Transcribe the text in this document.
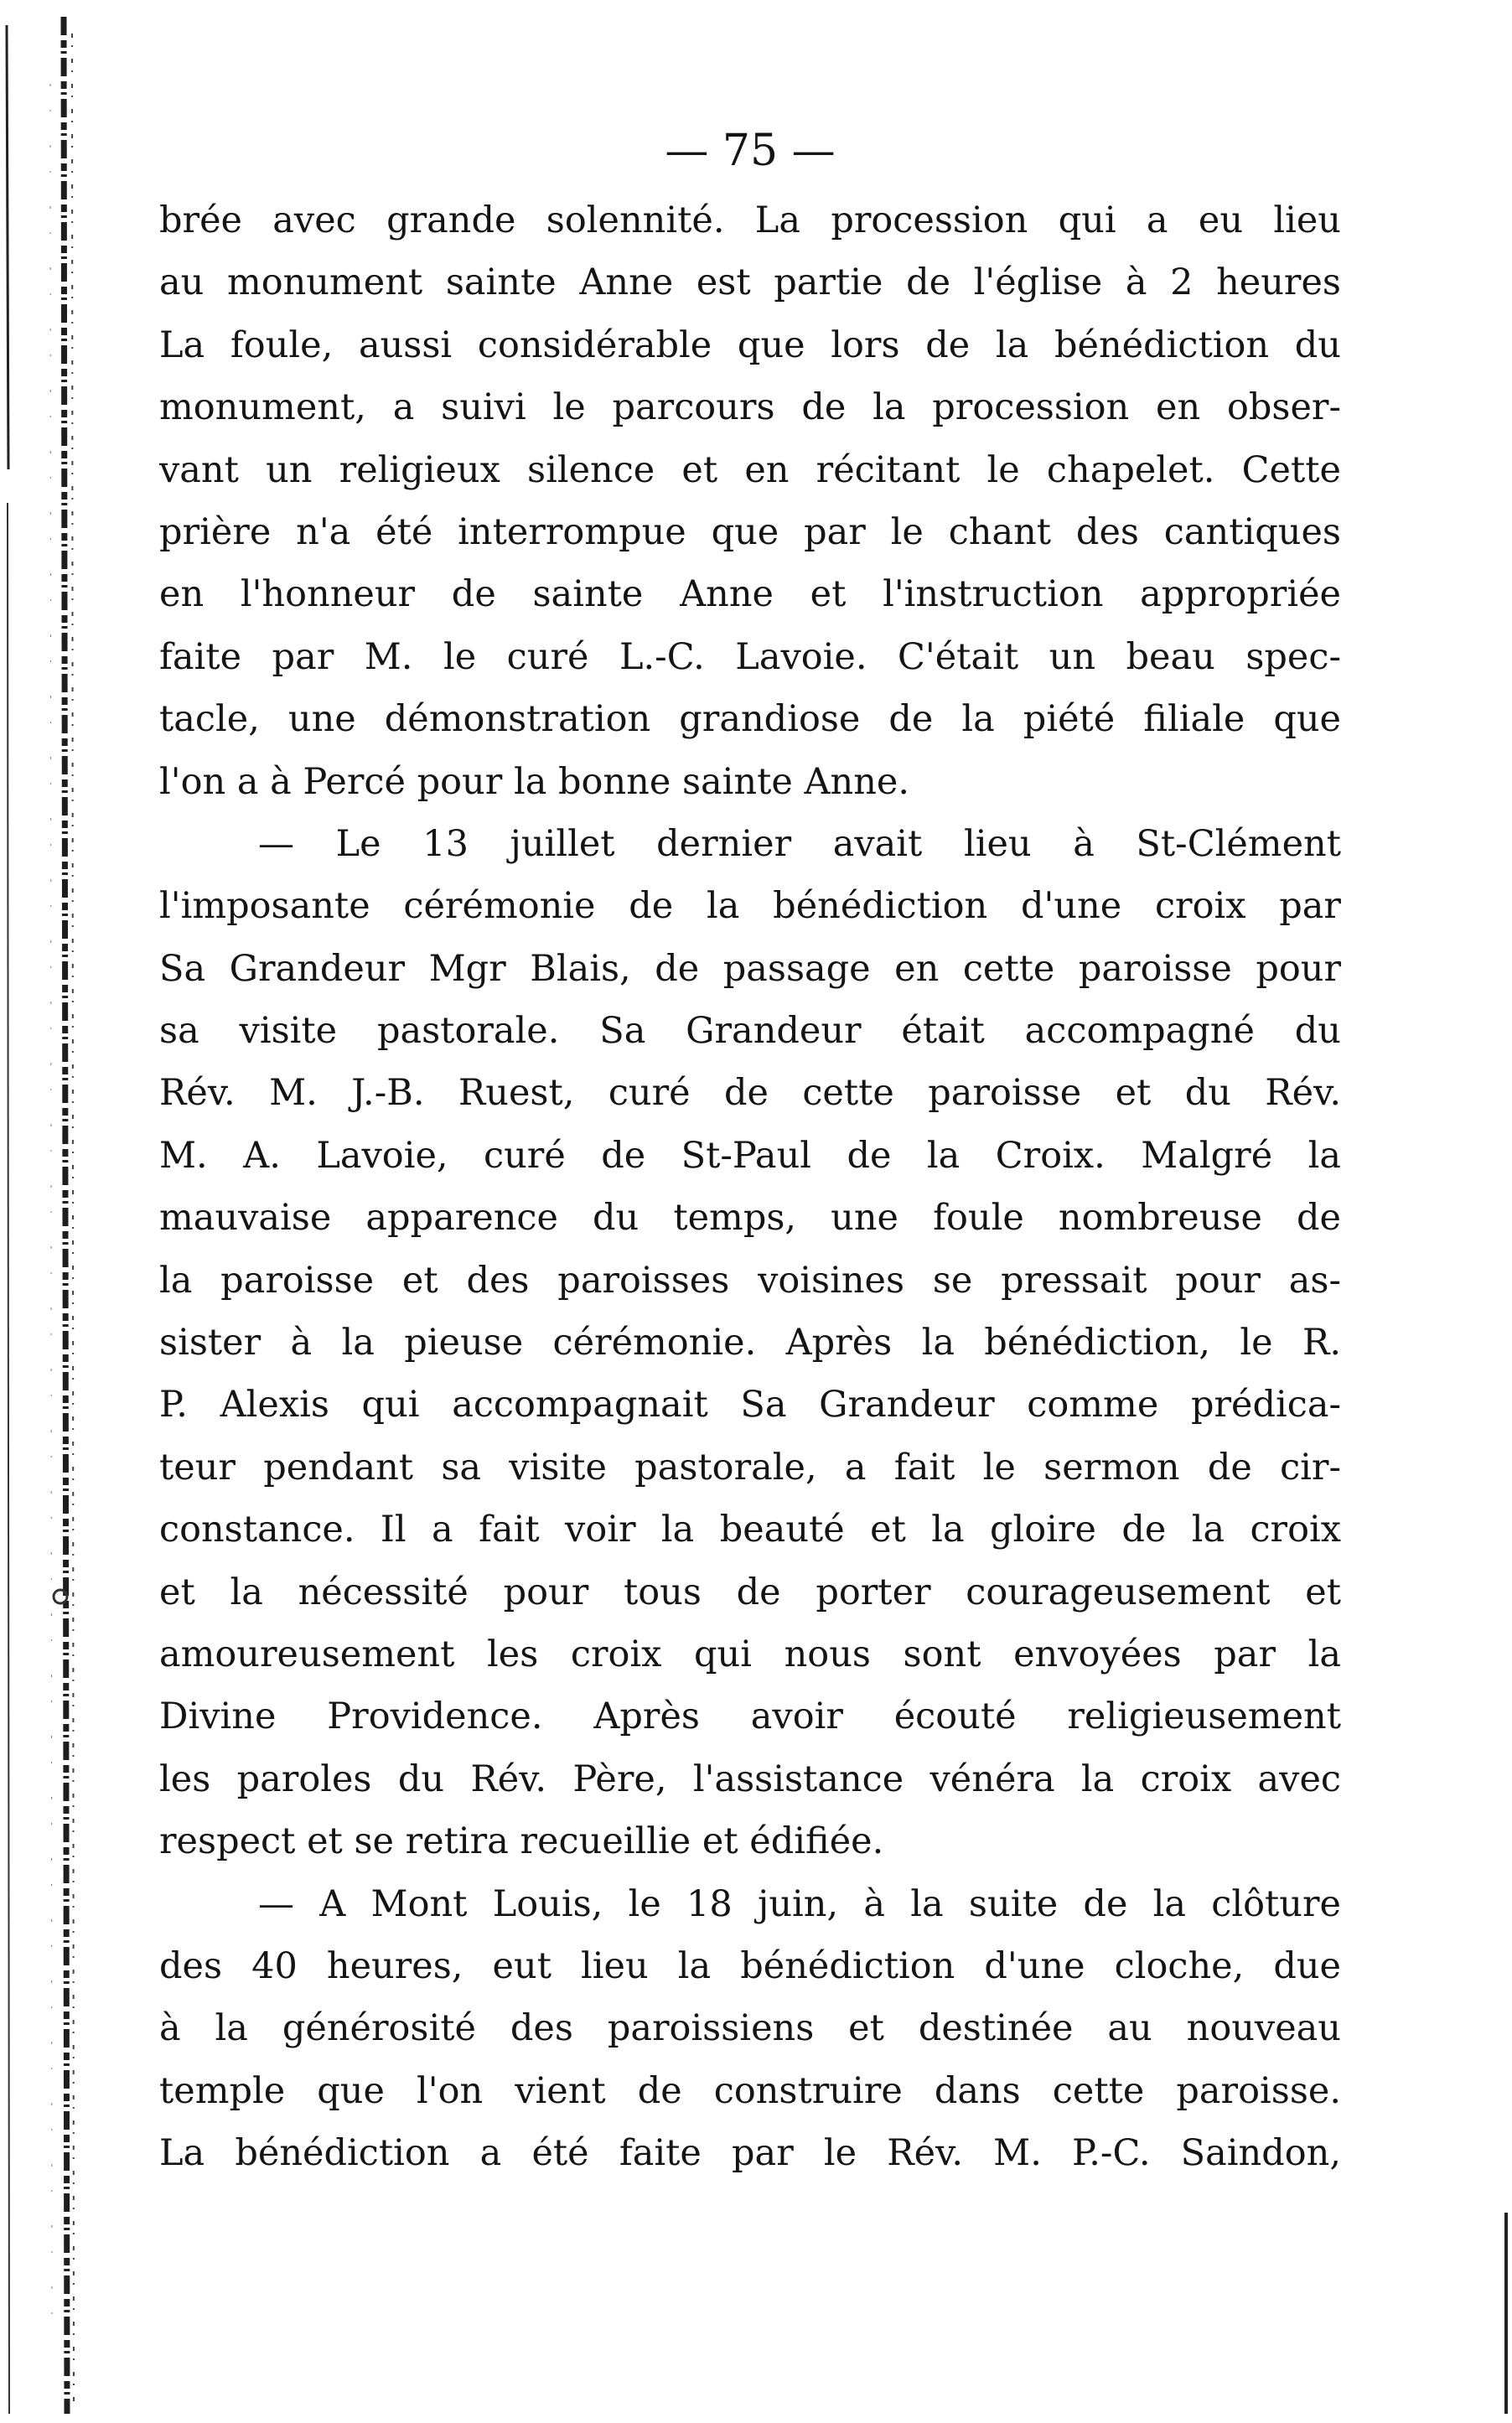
— 75 —
brée avec grande solennité. La procession qui a eu lieu
au monument sainte Anne est partie de l'église à 2 heures
La foule, aussi considérable que lors de la bénédiction du
monument, a suivi le parcours de la procession en obser-
vant un religieux silence et en récitant le chapelet. Cette
prière n'a été interrompue que par le chant des cantiques
en l'honneur de sainte Anne et l'instruction appropriée
faite par M. le curé L.-C. Lavoie. C'était un beau spec-
tacle, une démonstration grandiose de la piété filiale que
l'on a à Percé pour la bonne sainte Anne.
— Le 13 juillet dernier avait lieu à St-Clément
l'imposante cérémonie de la bénédiction d'une croix par
Sa Grandeur Mgr Blais, de passage en cette paroisse pour
sa visite pastorale. Sa Grandeur était accompagné du
Rév. M. J.-B. Ruest, curé de cette paroisse et du Rév.
M. A. Lavoie, curé de St-Paul de la Croix. Malgré la
mauvaise apparence du temps, une foule nombreuse de
la paroisse et des paroisses voisines se pressait pour as-
sister à la pieuse cérémonie. Après la bénédiction, le R.
P. Alexis qui accompagnait Sa Grandeur comme prédica-
teur pendant sa visite pastorale, a fait le sermon de cir-
constance. Il a fait voir la beauté et la gloire de la croix
et la nécessité pour tous de porter courageusement et
amoureusement les croix qui nous sont envoyées par la
Divine Providence. Après avoir écouté religieusement
les paroles du Rév. Père, l'assistance vénéra la croix avec
respect et se retira recueillie et édifiée.
— A Mont Louis, le 18 juin, à la suite de la clôture
des 40 heures, eut lieu la bénédiction d'une cloche, due
à la générosité des paroissiens et destinée au nouveau
temple que l'on vient de construire dans cette paroisse.
La bénédiction a été faite par le Rév. M. P.-C. Saindon,
